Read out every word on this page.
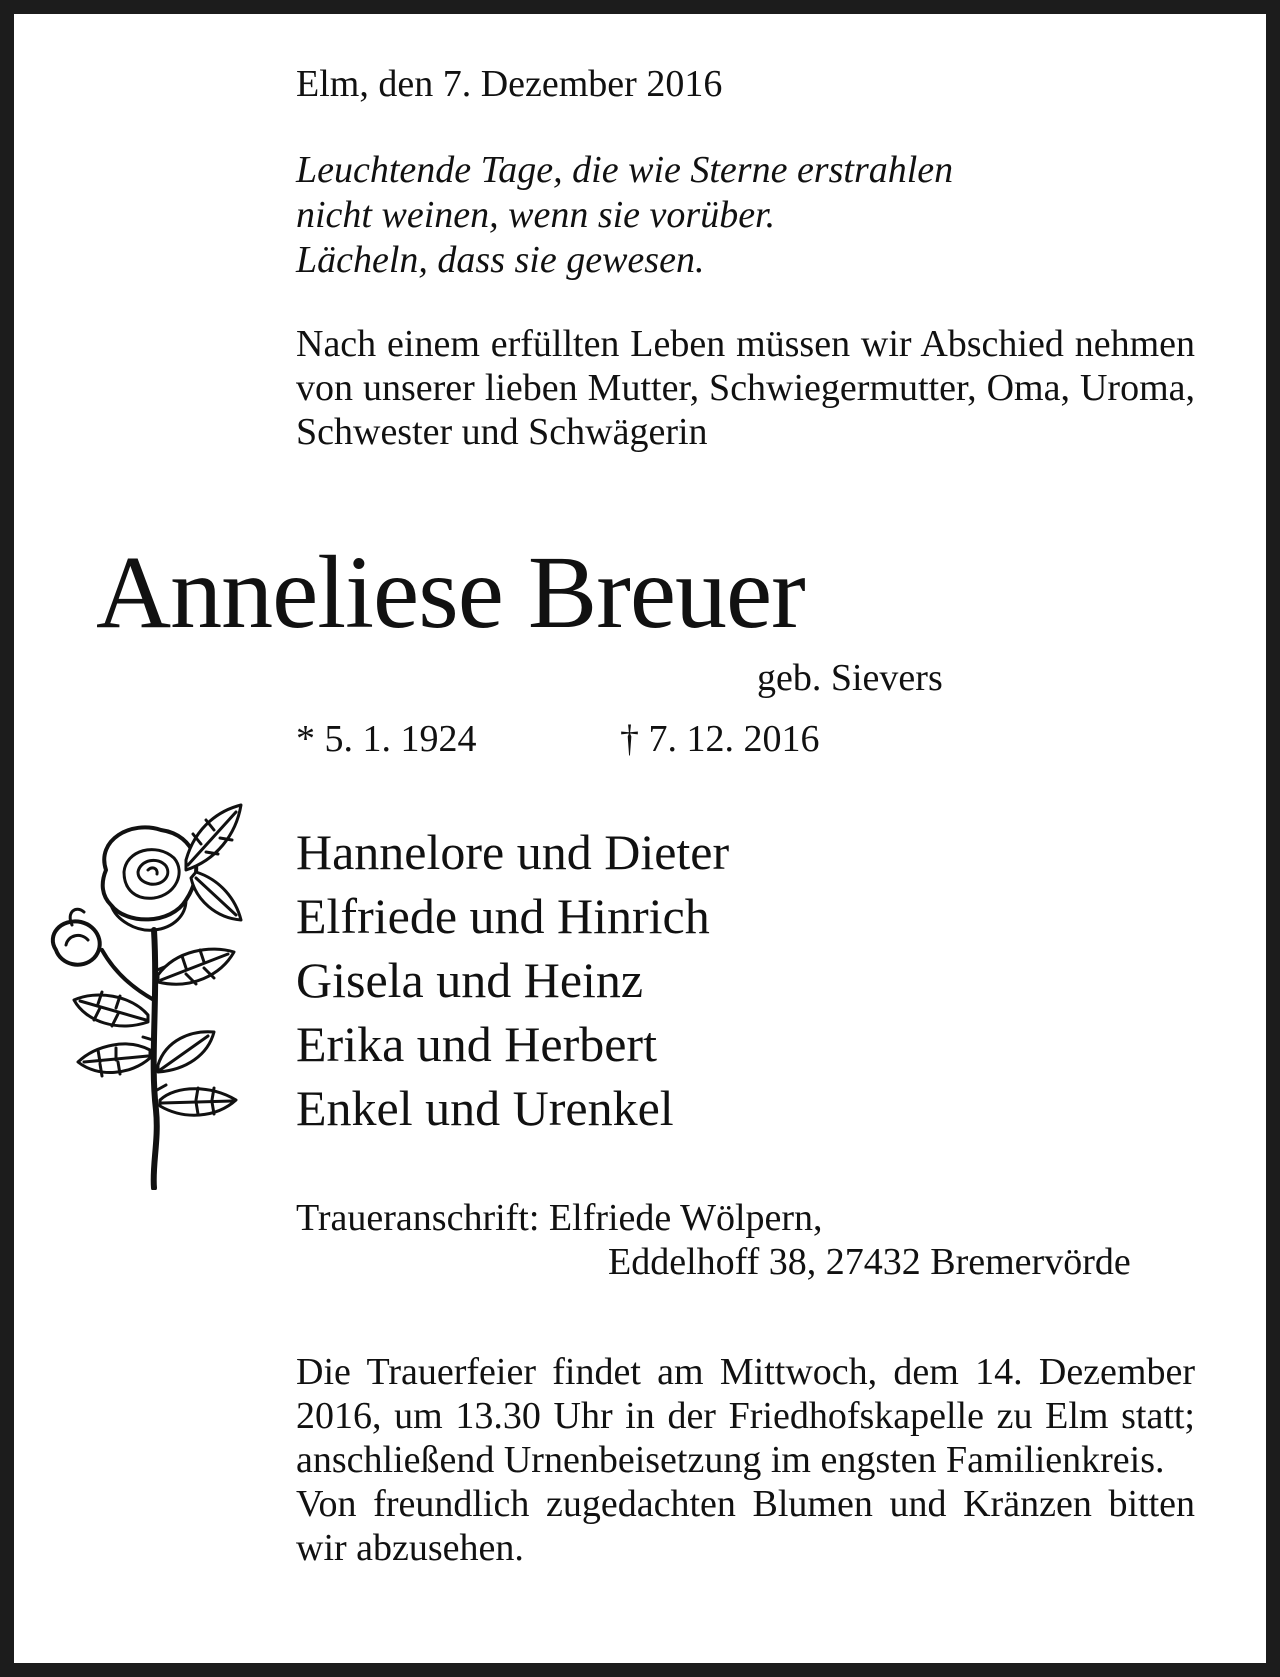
Elm, den 7. Dezember 2016
Leuchtende Tage, die wie Sterne erstrahlen
nicht weinen, wenn sie vorüber.
Lächeln, dass sie gewesen.
Nach einem erfüllten Leben müssen wir Abschied nehmen von unserer lieben Mutter, Schwiegermutter, Oma, Uroma, Schwester und Schwägerin
Anneliese Breuer
geb. Sievers
* 5. 1. 1924	† 7. 12. 2016
Hannelore und Dieter
Elfriede und Hinrich
Gisela und Heinz
Erika und Herbert
Enkel und Urenkel
Traueranschrift: Elfriede Wölpern,
Eddelhoff 38, 27432 Bremervörde
Die Trauerfeier findet am Mittwoch, dem 14. Dezember 2016, um 13.30 Uhr in der Friedhofskapelle zu Elm statt; anschließend Urnenbeisetzung im engsten Familienkreis.
Von freundlich zugedachten Blumen und Kränzen bitten wir abzusehen.
